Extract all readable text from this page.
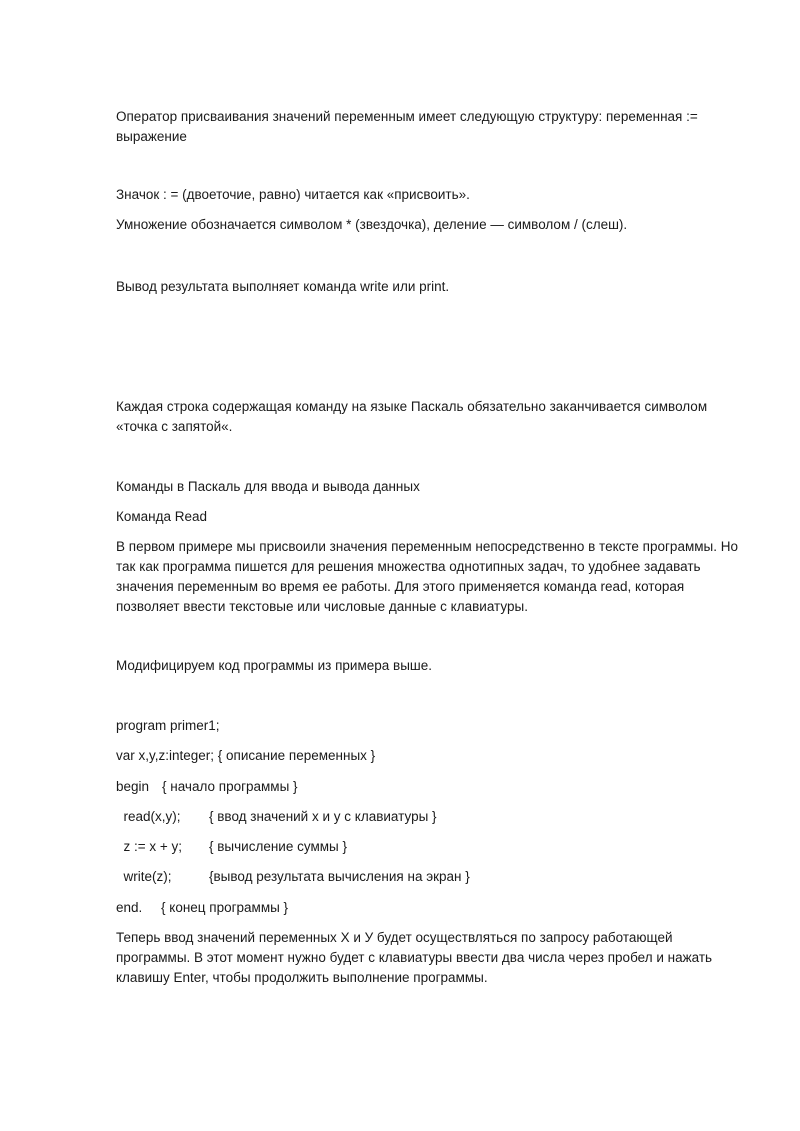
Оператор присваивания значений переменным имеет следующую структуру: переменная := выражение

Значок : = (двоеточие, равно) читается как «присвоить».

Умножение обозначается символом * (звездочка), деление — символом / (слеш).

Вывод результата выполняет команда write или print.

Каждая строка содержащая команду на языке Паскаль обязательно заканчивается символом «точка с запятой«.

Команды в Паскаль для ввода и вывода данных

Команда Read

В первом примере мы присвоили значения переменным непосредственно в тексте программы. Но так как программа пишется для решения множества однотипных задач, то удобнее задавать значения переменным во время ее работы. Для этого применяется команда read, которая позволяет ввести текстовые или числовые данные с клавиатуры.

Модифицируем код программы из примера выше.

program primer1;
var x,y,z:integer; { описание переменных }

begin

{ начало программы }

read(x,y);

{ ввод значений x и y с клавиатуры }

z := x + y;

{ вычисление суммы }

write(z);

	{вывод результата вычисления на экран }

end.

{ конец программы }

Теперь ввод значений переменных X и У будет осуществляться по запросу работающей программы. В этот момент нужно будет с клавиатуры ввести два числа через пробел и нажать клавишу Enter, чтобы продолжить выполнение программы.
